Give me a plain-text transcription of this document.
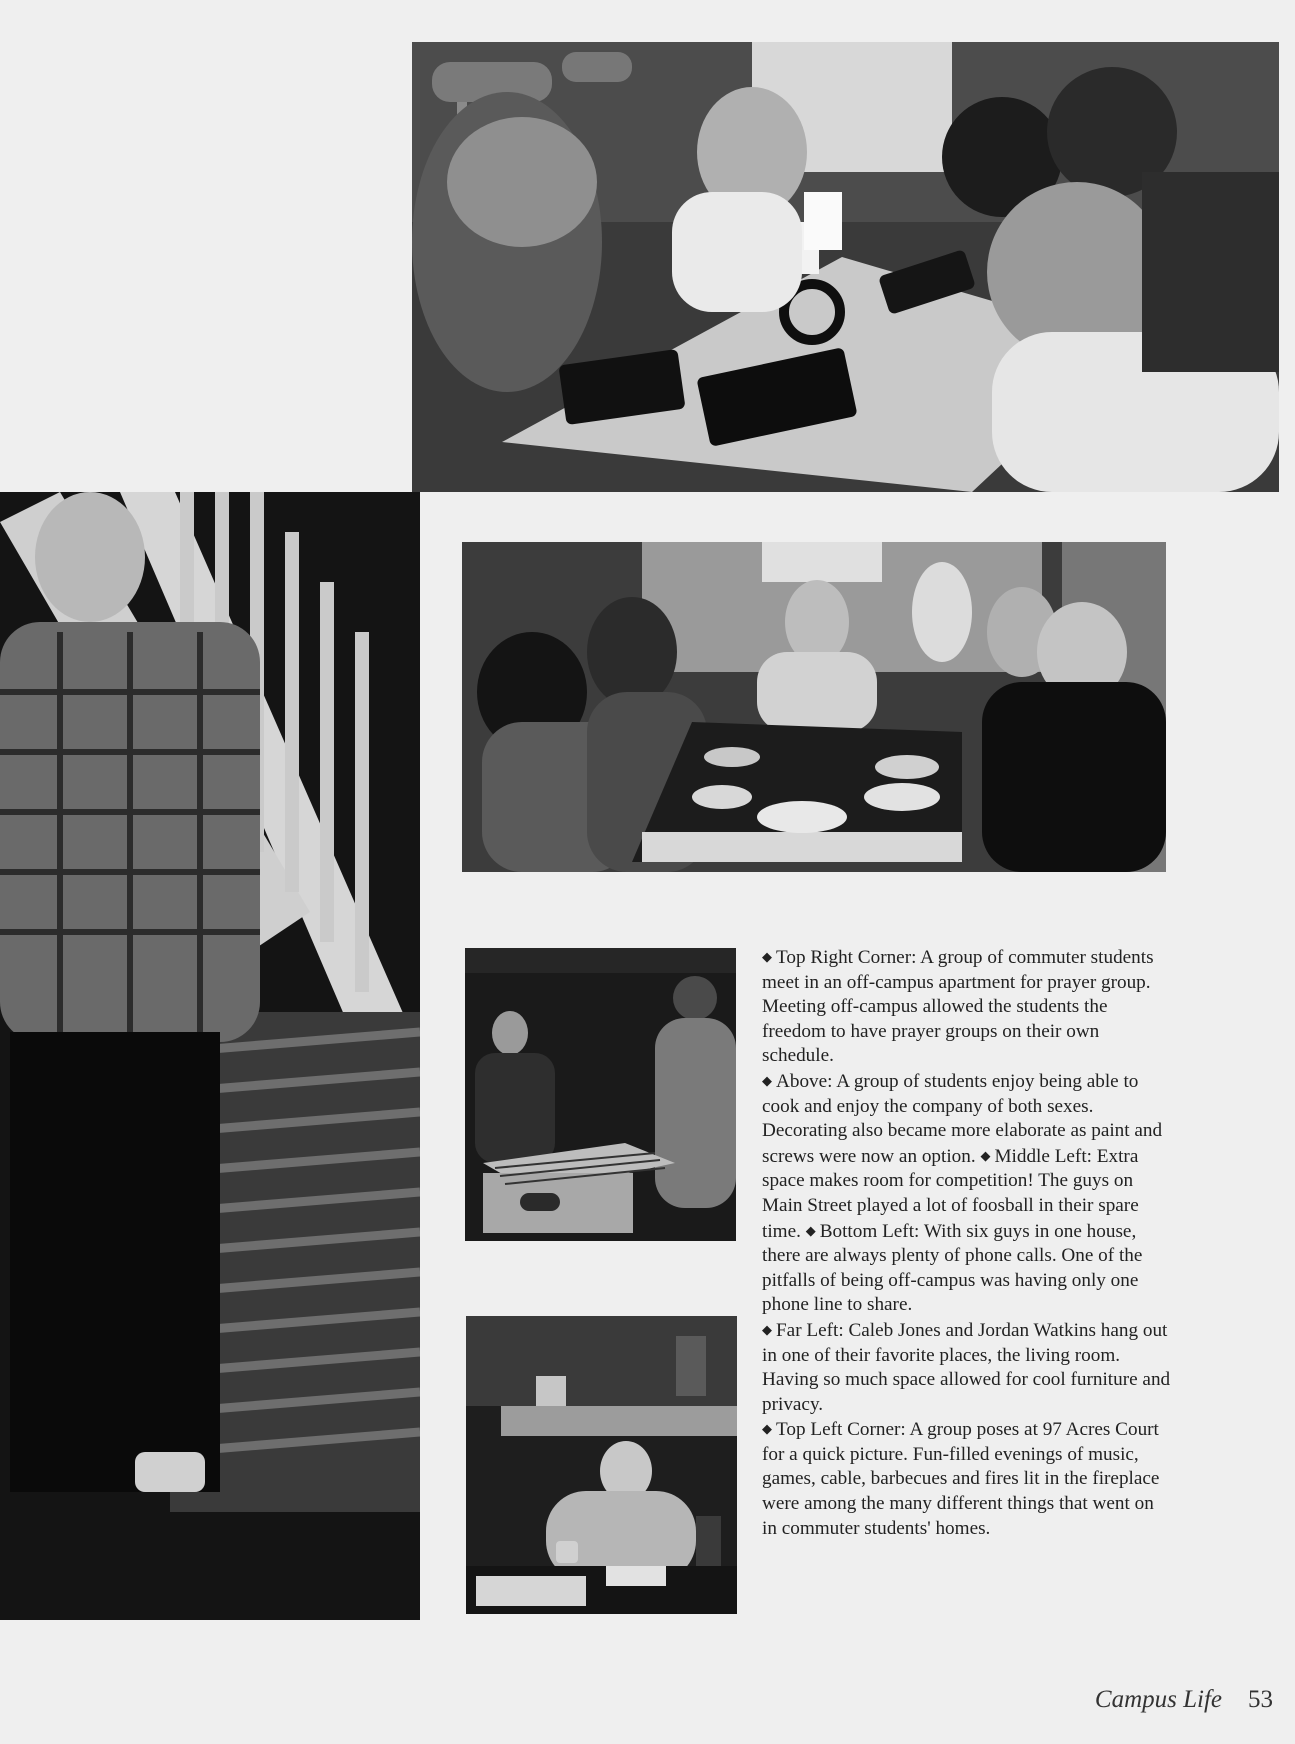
◆ Top Right Corner: A group of commuter students meet in an off-campus apartment for prayer group. Meeting off-campus allowed the students the freedom to have prayer groups on their own schedule.
◆ Above: A group of students enjoy being able to cook and enjoy the company of both sexes. Decorating also became more elaborate as paint and screws were now an option. ◆ Middle Left: Extra space makes room for competition! The guys on Main Street played a lot of foosball in their spare time. ◆ Bottom Left: With six guys in one house, there are always plenty of phone calls. One of the pitfalls of being off-campus was having only one phone line to share.
◆ Far Left: Caleb Jones and Jordan Watkins hang out in one of their favorite places, the living room. Having so much space allowed for cool furniture and privacy.
◆ Top Left Corner: A group poses at 97 Acres Court for a quick picture. Fun-filled evenings of music, games, cable, barbecues and fires lit in the fireplace were among the many different things that went on in commuter students' homes.
Campus Life 53
